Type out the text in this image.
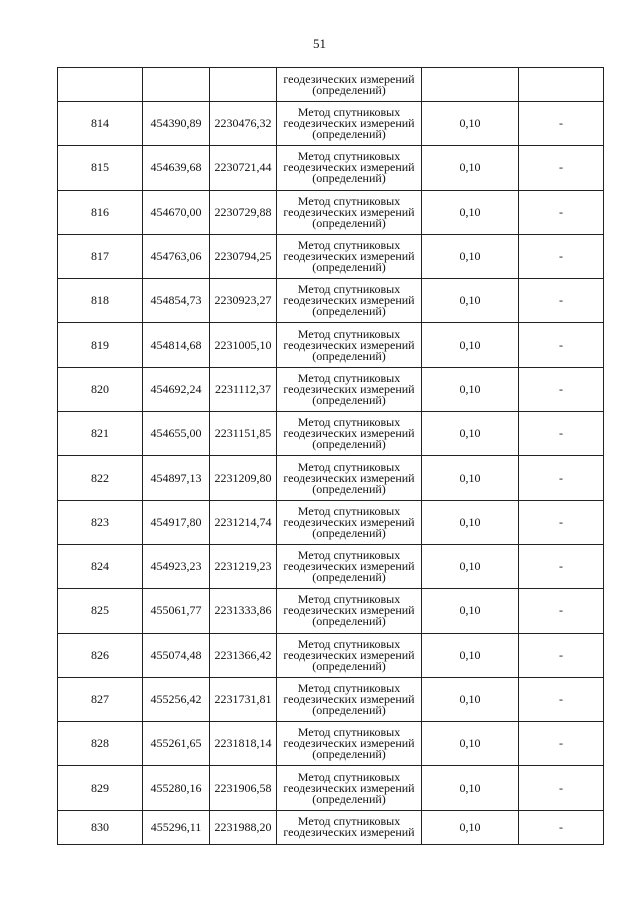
51

			геодезических измерений
(определений)		

814	454390,89	2230476,32	Метод спутниковых
геодезических измерений
(определений)	0,10	-
815	454639,68	2230721,44	Метод спутниковых
геодезических измерений
(определений)	0,10	-
816	454670,00	2230729,88	Метод спутниковых
геодезических измерений
(определений)	0,10	-
817	454763,06	2230794,25	Метод спутниковых
геодезических измерений
(определений)	0,10	-
818	454854,73	2230923,27	Метод спутниковых
геодезических измерений
(определений)	0,10	-
819	454814,68	2231005,10	Метод спутниковых
геодезических измерений
(определений)	0,10	-
820	454692,24	2231112,37	Метод спутниковых
геодезических измерений
(определений)	0,10	-
821	454655,00	2231151,85	Метод спутниковых
геодезических измерений
(определений)	0,10	-
822	454897,13	2231209,80	Метод спутниковых
геодезических измерений
(определений)	0,10	-
823	454917,80	2231214,74	Метод спутниковых
геодезических измерений
(определений)	0,10	-
824	454923,23	2231219,23	Метод спутниковых
геодезических измерений
(определений)	0,10	-
825	455061,77	2231333,86	Метод спутниковых
геодезических измерений
(определений)	0,10	-
826	455074,48	2231366,42	Метод спутниковых
геодезических измерений
(определений)	0,10	-
827	455256,42	2231731,81	Метод спутниковых
геодезических измерений
(определений)	0,10	-
828	455261,65	2231818,14	Метод спутниковых
геодезических измерений
(определений)	0,10	-
829	455280,16	2231906,58	Метод спутниковых
геодезических измерений
(определений)	0,10	-
830	455296,11	2231988,20	Метод спутниковых
геодезических измерений	0,10	-
